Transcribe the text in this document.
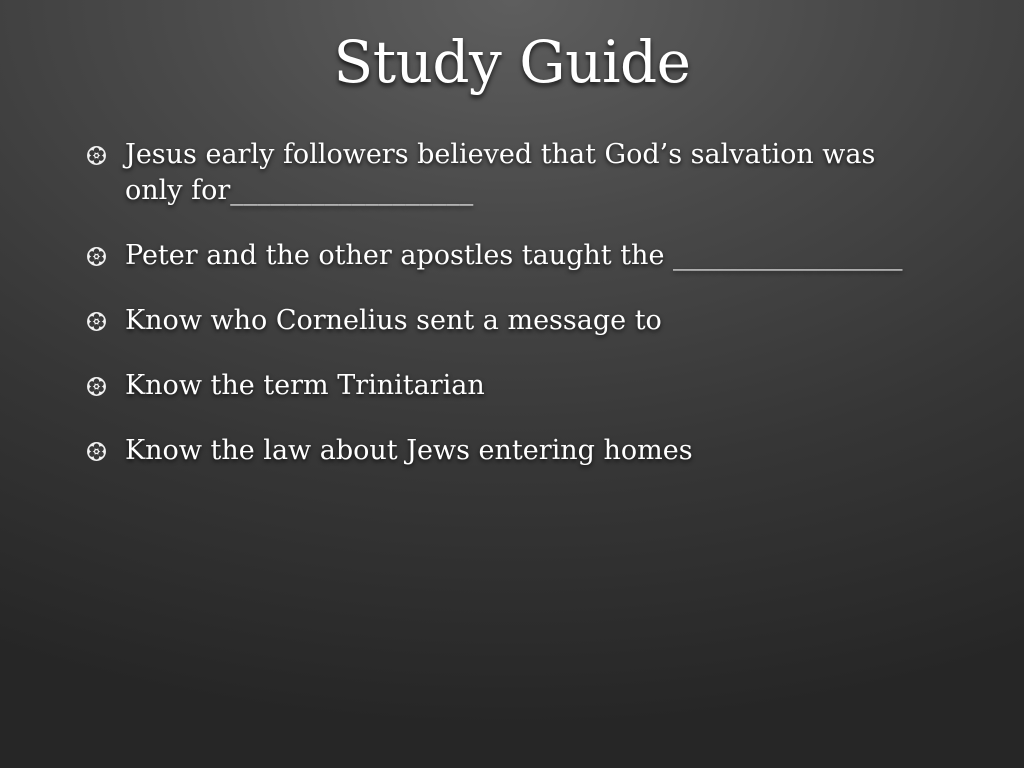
Study Guide
Jesus early followers believed that God’s salvation was only for__________________
Peter and the other apostles taught the _________________
Know who Cornelius sent a message to
Know the term Trinitarian
Know the law about Jews entering homes
